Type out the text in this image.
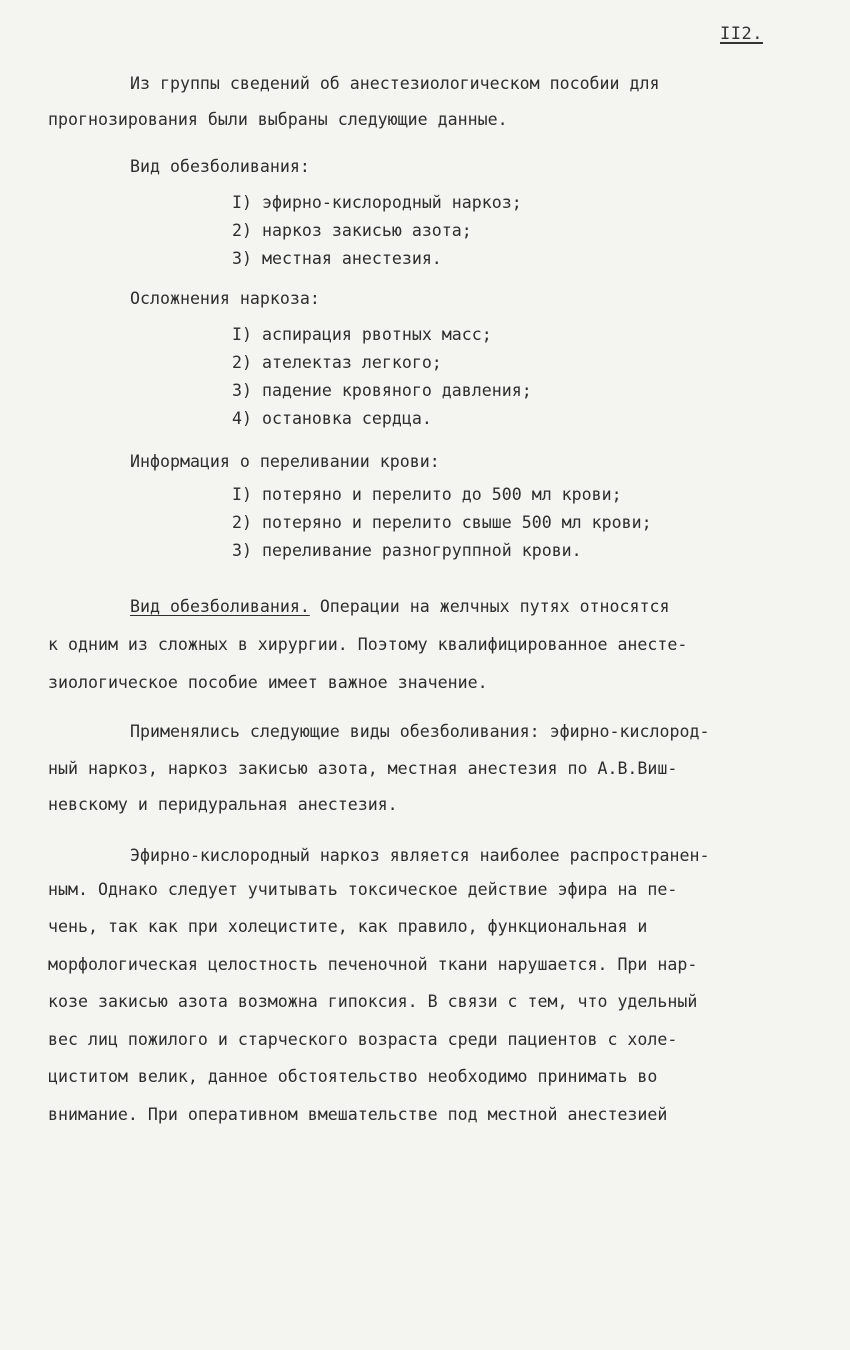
II2.
Из группы сведений об анестезиологическом пособии для
прогнозирования были выбраны следующие данные.
Вид обезболивания:
I) эфирно-кислородный наркоз;
2) наркоз закисью азота;
3) местная анестезия.
Осложнения наркоза:
I) аспирация рвотных масс;
2) ателектаз легкого;
3) падение кровяного давления;
4) остановка сердца.
Информация о переливании крови:
I) потеряно и перелито до 500 мл крови;
2) потеряно и перелито свыше 500 мл крови;
3) переливание разногруппной крови.
Вид обезболивания. Операции на желчных путях относятся
к одним из сложных в хирургии. Поэтому квалифицированное анесте-
зиологическое пособие имеет важное значение.
Применялись следующие виды обезболивания: эфирно-кислород-
ный наркоз, наркоз закисью азота, местная анестезия по А.В.Виш-
невскому и перидуральная анестезия.
Эфирно-кислородный наркоз является наиболее распространен-
ным. Однако следует учитывать токсическое действие эфира на пе-
чень, так как при холецистите, как правило, функциональная и
морфологическая целостность печеночной ткани нарушается. При нар-
козе закисью азота возможна гипоксия. В связи с тем, что удельный
вес лиц пожилого и старческого возраста среди пациентов с холе-
циститом велик, данное обстоятельство необходимо принимать во
внимание. При оперативном вмешательстве под местной анестезией
